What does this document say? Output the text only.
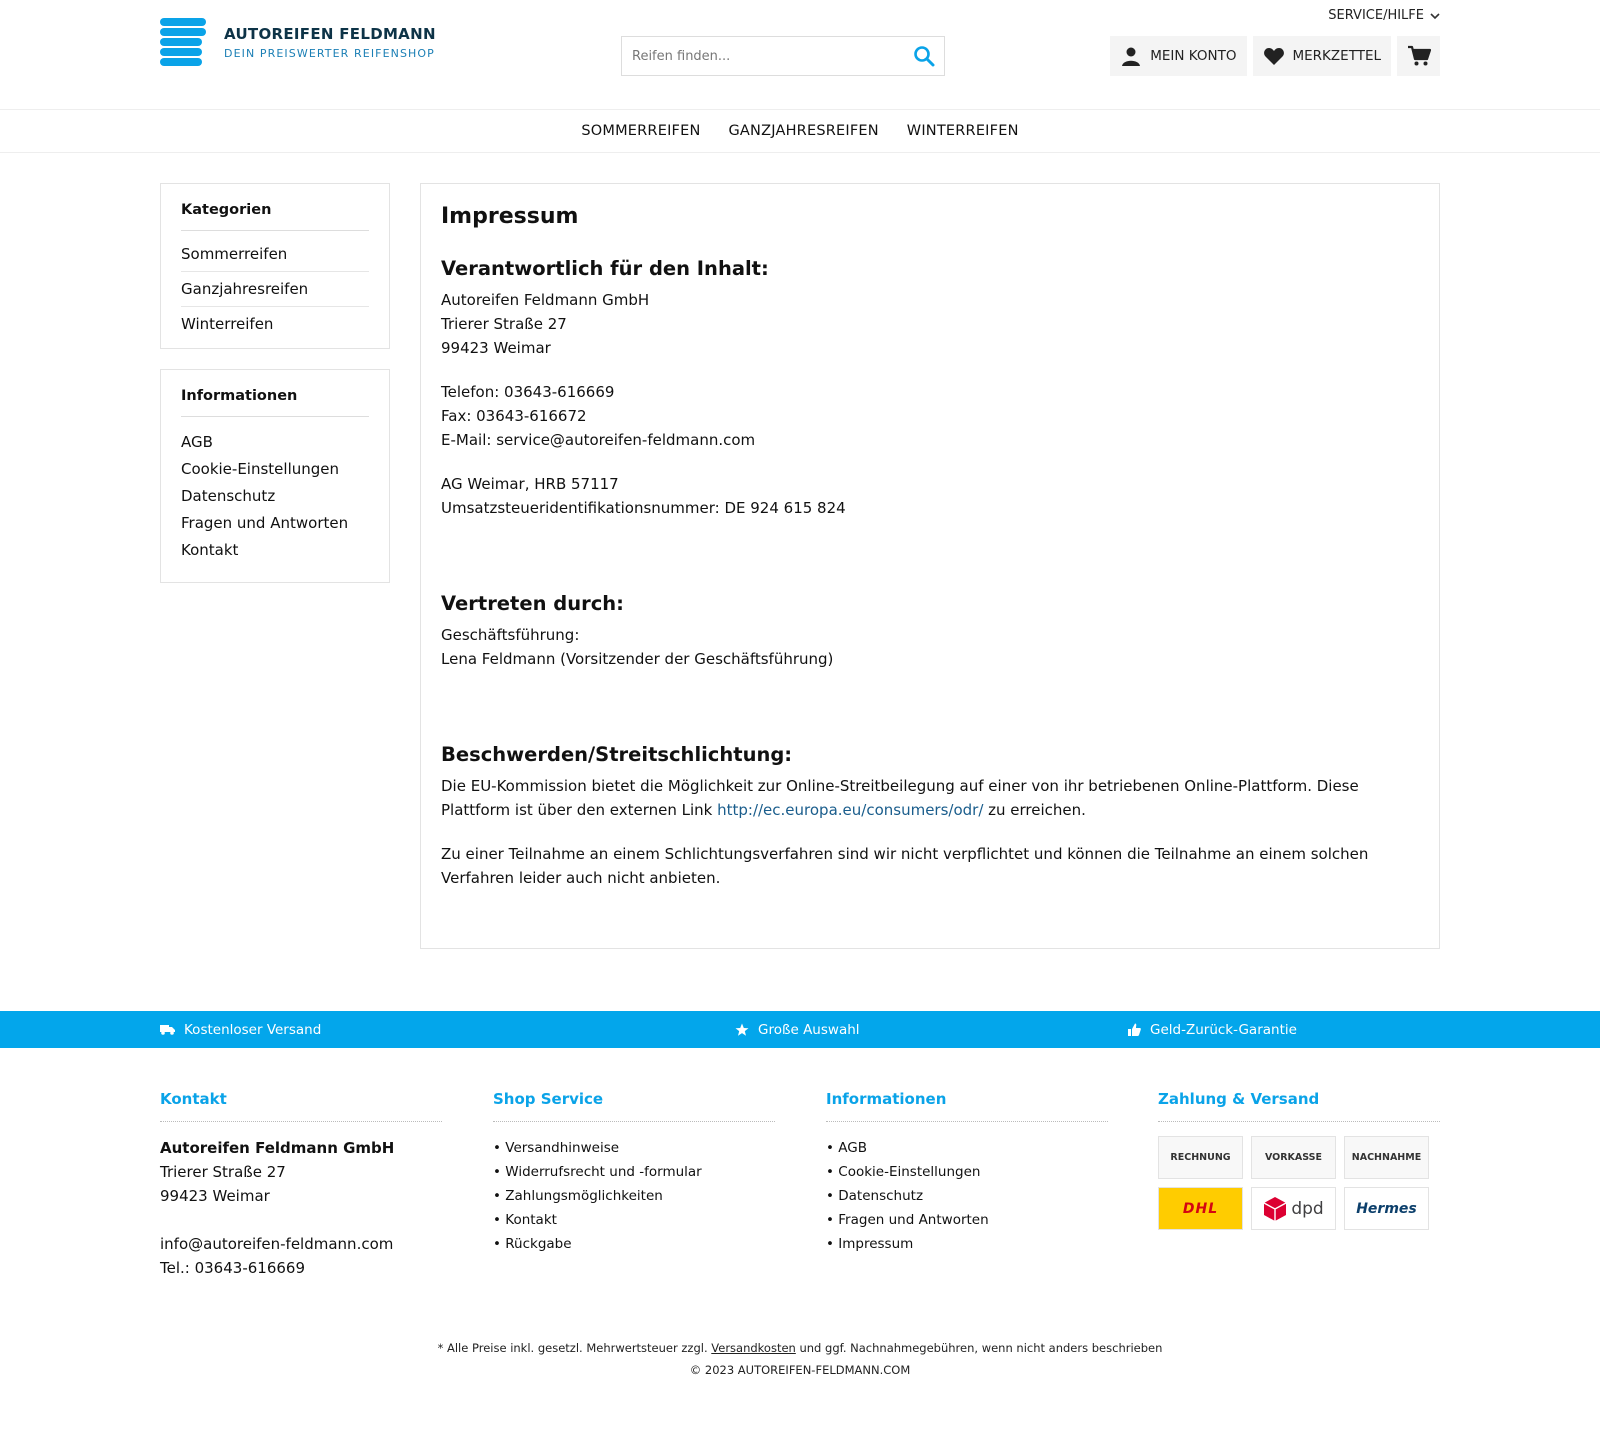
AUTOREIFEN FELDMANN
DEIN PREISWERTER REIFENSHOP
SERVICE/HILFE
Reifen finden...
MEIN KONTO	MERKZETTEL
SOMMERREIFEN GANZJAHRESREIFEN WINTERREIFEN
Kategorien
Sommerreifen
Ganzjahresreifen
Winterreifen
Informationen
AGB
Cookie-Einstellungen
Datenschutz
Fragen und Antworten
Kontakt
Impressum
Verantwortlich für den Inhalt:

Autoreifen Feldmann GmbH

Trierer Straße 27

99423 Weimar

Telefon: 03643-616669

Fax: 03643-616672

E-Mail: service@autoreifen-feldmann.com

AG Weimar, HRB 57117

Umsatzsteueridentifikationsnummer: DE 924 615 824

Vertreten durch:

Geschäftsführung:

Lena Feldmann (Vorsitzender der Geschäftsführung)

Beschwerden/Streitschlichtung:

Die EU-Kommission bietet die Möglichkeit zur Online-Streitbeilegung auf einer von ihr betriebenen Online-Plattform. Diese Plattform ist über den externen Link http://ec.europa.eu/consumers/odr/ zu erreichen.

Zu einer Teilnahme an einem Schlichtungsverfahren sind wir nicht verpflichtet und können die Teilnahme an einem solchen Verfahren leider auch nicht anbieten.

Kostenloser Versand	Große Auswahl	Geld-Zurück-Garantie
Kontakt

Autoreifen Feldmann GmbH

Trierer Straße 27

99423 Weimar

info@autoreifen-feldmann.com

Tel.: 03643-616669

Shop Service
• Versandhinweise
• Widerrufsrecht und -formular
• Zahlungsmöglichkeiten
• Kontakt
• Rückgabe
Informationen
• AGB
• Cookie-Einstellungen
• Datenschutz
• Fragen und Antworten
• Impressum
Zahlung & Versand
RECHNUNG	VORKASSE	NACHNAHME
DHL	dpd Hermes
* Alle Preise inkl. gesetzl. Mehrwertsteuer zzgl. Versandkosten und ggf. Nachnahmegebühren, wenn nicht anders beschrieben
© 2023 AUTOREIFEN-FELDMANN.COM
